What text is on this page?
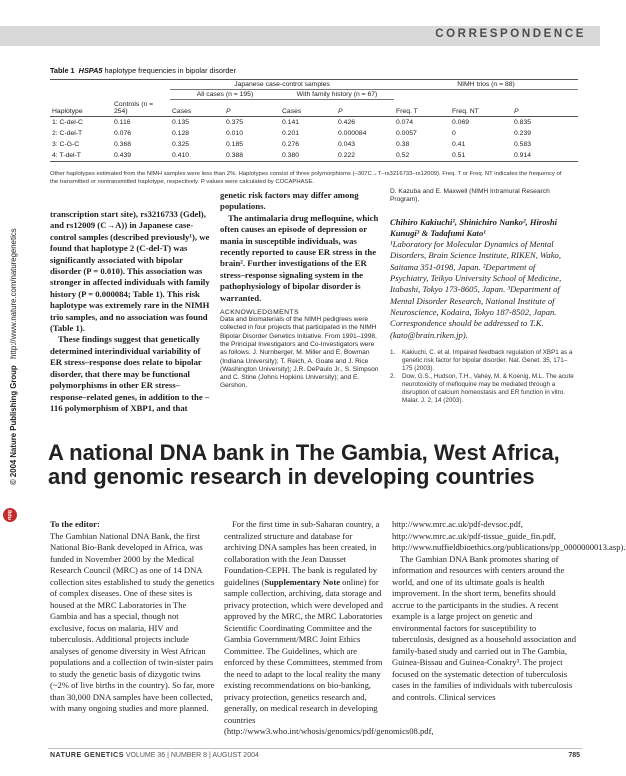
CORRESPONDENCE
© 2004 Nature Publishing Group   http://www.nature.com/naturegenetics
npg
Table 1 HSPA5 haplotype frequencies in bipolar disorder
		Japanese case-control samples				NIMH trios (n = 88)		
		All cases (n = 195)		With family history (n = 67)				
Haplotype	Controls (n = 254)	Cases	P	Cases	P	Freq. T	Freq. NT	P
1: C-del-C	0.116	0.135	0.375	0.141	0.426	0.074	0.069	0.835
2: C-del-T	0.076	0.128	0.010	0.201	0.000084	0.0057	0	0.239
3: C-G-C	0.368	0.325	0.185	0.276	0.043	0.38	0.41	0.583
4: T-del-T	0.439	0.410	0.388	0.380	0.222	0.52	0.51	0.914
Other haplotypes estimated from the NIMH samples were less than 2%. Haplotypes consist of three polymorphisms (–307C→T–rs3216733–rs12009). Freq. T or Freq. NT indicates the frequency of the transmitted or nontransmitted haplotype, respectively. P values were calculated by COCAPHASE.

transcription start site), rs3216733 (Gdel), and rs12009 (C→A)) in Japanese case-control samples (described previously¹), we found that haplotype 2 (C-del-T) was significantly associated with bipolar disorder (P = 0.010). This association was stronger in affected individuals with family history (P = 0.000084; Table 1). This risk haplotype was extremely rare in the NIMH trio samples, and no association was found (Table 1).

These findings suggest that genetically determined interindividual variability of ER stress–response does relate to bipolar disorder, that there may be functional polymorphisms in other ER stress–response–related genes, in addition to the –116 polymorphism of XBP1, and that

genetic risk factors may differ among populations.

The antimalaria drug mefloquine, which often causes an episode of depression or mania in susceptible individuals, was recently reported to cause ER stress in the brain². Further investigations of the ER stress–response signaling system in the pathophysiology of bipolar disorder is warranted.

ACKNOWLEDGMENTS
Data and biomaterials of the NIMH pedigrees were collected in four projects that participated in the NIMH Bipolar Disorder Genetics Initiative. From 1991–1998, the Principal Investigators and Co-Investigators were as follows: J. Nurnberger, M. Miller and E. Bowman (Indiana University); T. Reich, A. Goate and J. Rice (Washington University); J.R. DePaulo Jr., S. Simpson and C. Stine (Johns Hopkins University); and E. Gershon,
D. Kazuba and E. Maxwell (NIMH Intramural Research Program).
Chihiro Kakiuchi¹, Shinichiro Nanko², Hiroshi Kunugi³ & Tadafumi Kato¹
¹Laboratory for Molecular Dynamics of Mental Disorders, Brain Science Institute, RIKEN, Wako, Saitama 351-0198, Japan. ²Department of Psychiatry, Teikyo University School of Medicine, Itabashi, Tokyo 173-8605, Japan. ³Department of Mental Disorder Research, National Institute of Neuroscience, Kodaira, Tokyo 187-8502, Japan. Correspondence should be addressed to T.K. (kato@brain.riken.jp).
1. Kakiuchi, C. et al. Impaired feedback regulation of XBP1 as a genetic risk factor for bipolar disorder. Nat. Genet. 35, 171–175 (2003).
2. Dow, G.S., Hudson, T.H., Vahey, M. & Koenig, M.L. The acute neurotoxicity of mefloquine may be mediated through a disruption of calcium homeostasis and ER function in vitro. Malar. J. 2, 14 (2003).
A national DNA bank in The Gambia, West Africa, and genomic research in developing countries

To the editor:

The Gambian National DNA Bank, the first National Bio-Bank developed in Africa, was funded in November 2000 by the Medical Research Council (MRC) as one of 14 DNA collection sites established to study the genetics of complex diseases. One of these sites is housed at the MRC Laboratories in The Gambia and has a special, though not exclusive, focus on malaria, HIV and tuberculosis. Additional projects include analyses of genome diversity in West African populations and a collection of twin-sister pairs to study the genetic basis of dizygotic twins (~2% of live births in the country). So far, more than 30,000 DNA samples have been collected, with many ongoing studies and more planned.

For the first time in sub-Saharan country, a centralized structure and database for archiving DNA samples has been created, in collaboration with the Jean Dausset Foundation-CEPH. The bank is regulated by guidelines (Supplementary Note online) for sample collection, archiving, data storage and privacy protection, which were developed and approved by the MRC, the MRC Laboratories Scientific Coordinating Committee and the Gambia Government/MRC Joint Ethics Committee. The Guidelines, which are enforced by these Committees, stemmed from the need to adapt to the local reality the many existing recommendations on bio-banking, privacy protection, genetics research and, generally, on medical research in developing countries (http://www3.who.int/whosis/genomics/pdf/genomics08.pdf,

http://www.mrc.ac.uk/pdf-devsoc.pdf, http://www.mrc.ac.uk/pdf-tissue_guide_fin.pdf, http://www.nuffieldbioethics.org/publications/pp_0000000013.asp).

The Gambian DNA Bank promotes sharing of information and resources with centers around the world, and one of its ultimate goals is health improvement. In the short term, benefits should accrue to the participants in the studies. A recent example is a large project on genetic and environmental factors for susceptibility to tuberculosis, designed as a household association and family-based study and carried out in The Gambia, Guinea-Bissau and Guinea-Conakry³. The project focused on the systematic detection of tuberculosis cases in the families of individuals with tuberculosis and controls. Clinical services

NATURE GENETICS VOLUME 36 | NUMBER 8 | AUGUST 2004	785
